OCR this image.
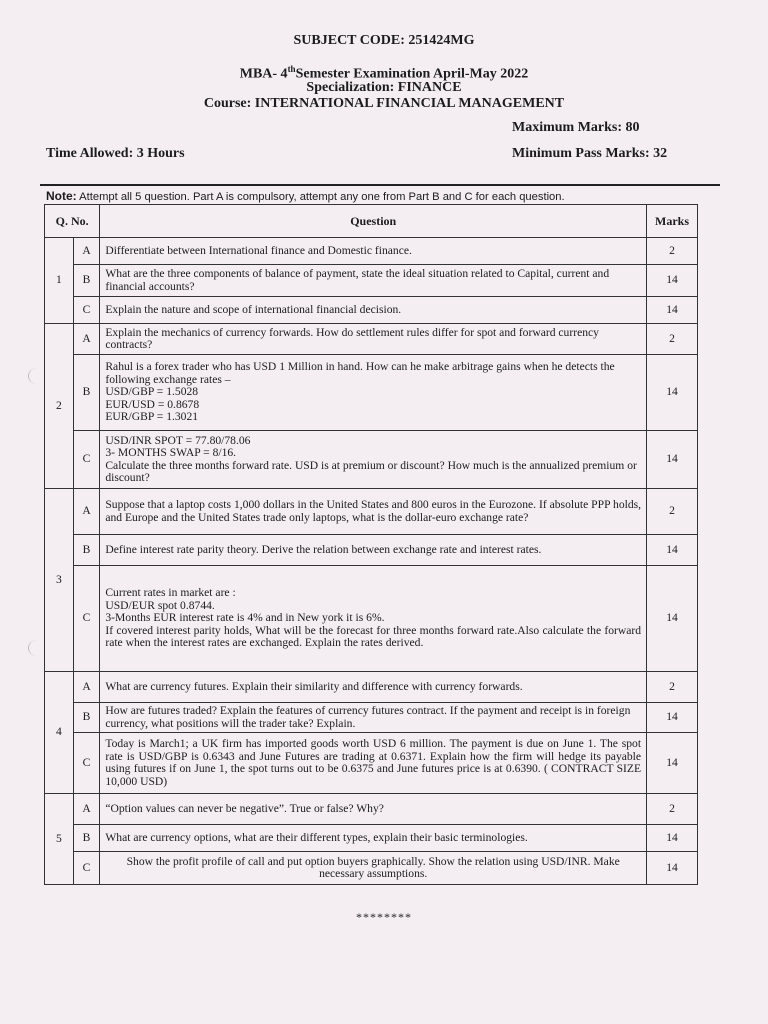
SUBJECT CODE: 251424MG
MBA- 4thSemester Examination April-May 2022
Specialization: FINANCE
Course: INTERNATIONAL FINANCIAL MANAGEMENT
Maximum Marks: 80
Time Allowed: 3 Hours	Minimum Pass Marks: 32
Note: Attempt all 5 question. Part A is compulsory, attempt any one from Part B and C for each question.
Q. No.		Question	Marks
1	A	Differentiate between International finance and Domestic finance.	2
	B	What are the three components of balance of payment, state the ideal situation related to Capital, current and financial accounts?	14
	C	Explain the nature and scope of international financial decision.	14
2	A	Explain the mechanics of currency forwards. How do settlement rules differ for spot and forward currency contracts?	2
	B	Rahul is a forex trader who has USD 1 Million in hand. How can he make arbitrage gains when he detects the following exchange rates –
USD/GBP = 1.5028
EUR/USD = 0.8678
EUR/GBP = 1.3021	14
	C	USD/INR SPOT = 77.80/78.06
3- MONTHS SWAP = 8/16.
Calculate the three months forward rate. USD is at premium or discount? How much is the annualized premium or discount?	14
3	A	Suppose that a laptop costs 1,000 dollars in the United States and 800 euros in the Eurozone. If absolute PPP holds, and Europe and the United States trade only laptops, what is the dollar-euro exchange rate?	2
	B	Define interest rate parity theory. Derive the relation between exchange rate and interest rates.	14
	C	Current rates in market are :
USD/EUR spot 0.8744.
3-Months EUR interest rate is 4% and in New york it is 6%.
If covered interest parity holds, What will be the forecast for three months forward rate.Also calculate the forward rate when the interest rates are exchanged. Explain the rates derived.	14
4	A	What are currency futures. Explain their similarity and difference with currency forwards.	2
	B	How are futures traded? Explain the features of currency futures contract. If the payment and receipt is in foreign currency, what positions will the trader take? Explain.	14
	C	Today is March1; a UK firm has imported goods worth USD 6 million. The payment is due on June 1. The spot rate is USD/GBP is 0.6343 and June Futures are trading at 0.6371. Explain how the firm will hedge its payable using futures if on June 1, the spot turns out to be 0.6375 and June futures price is at 0.6390. ( CONTRACT SIZE 10,000 USD)	14
5	A	“Option values can never be negative”. True or false? Why?	2
	B	What are currency options, what are their different types, explain their basic terminologies.	14
	C	Show the profit profile of call and put option buyers graphically. Show the relation using USD/INR. Make necessary assumptions.	14
********
